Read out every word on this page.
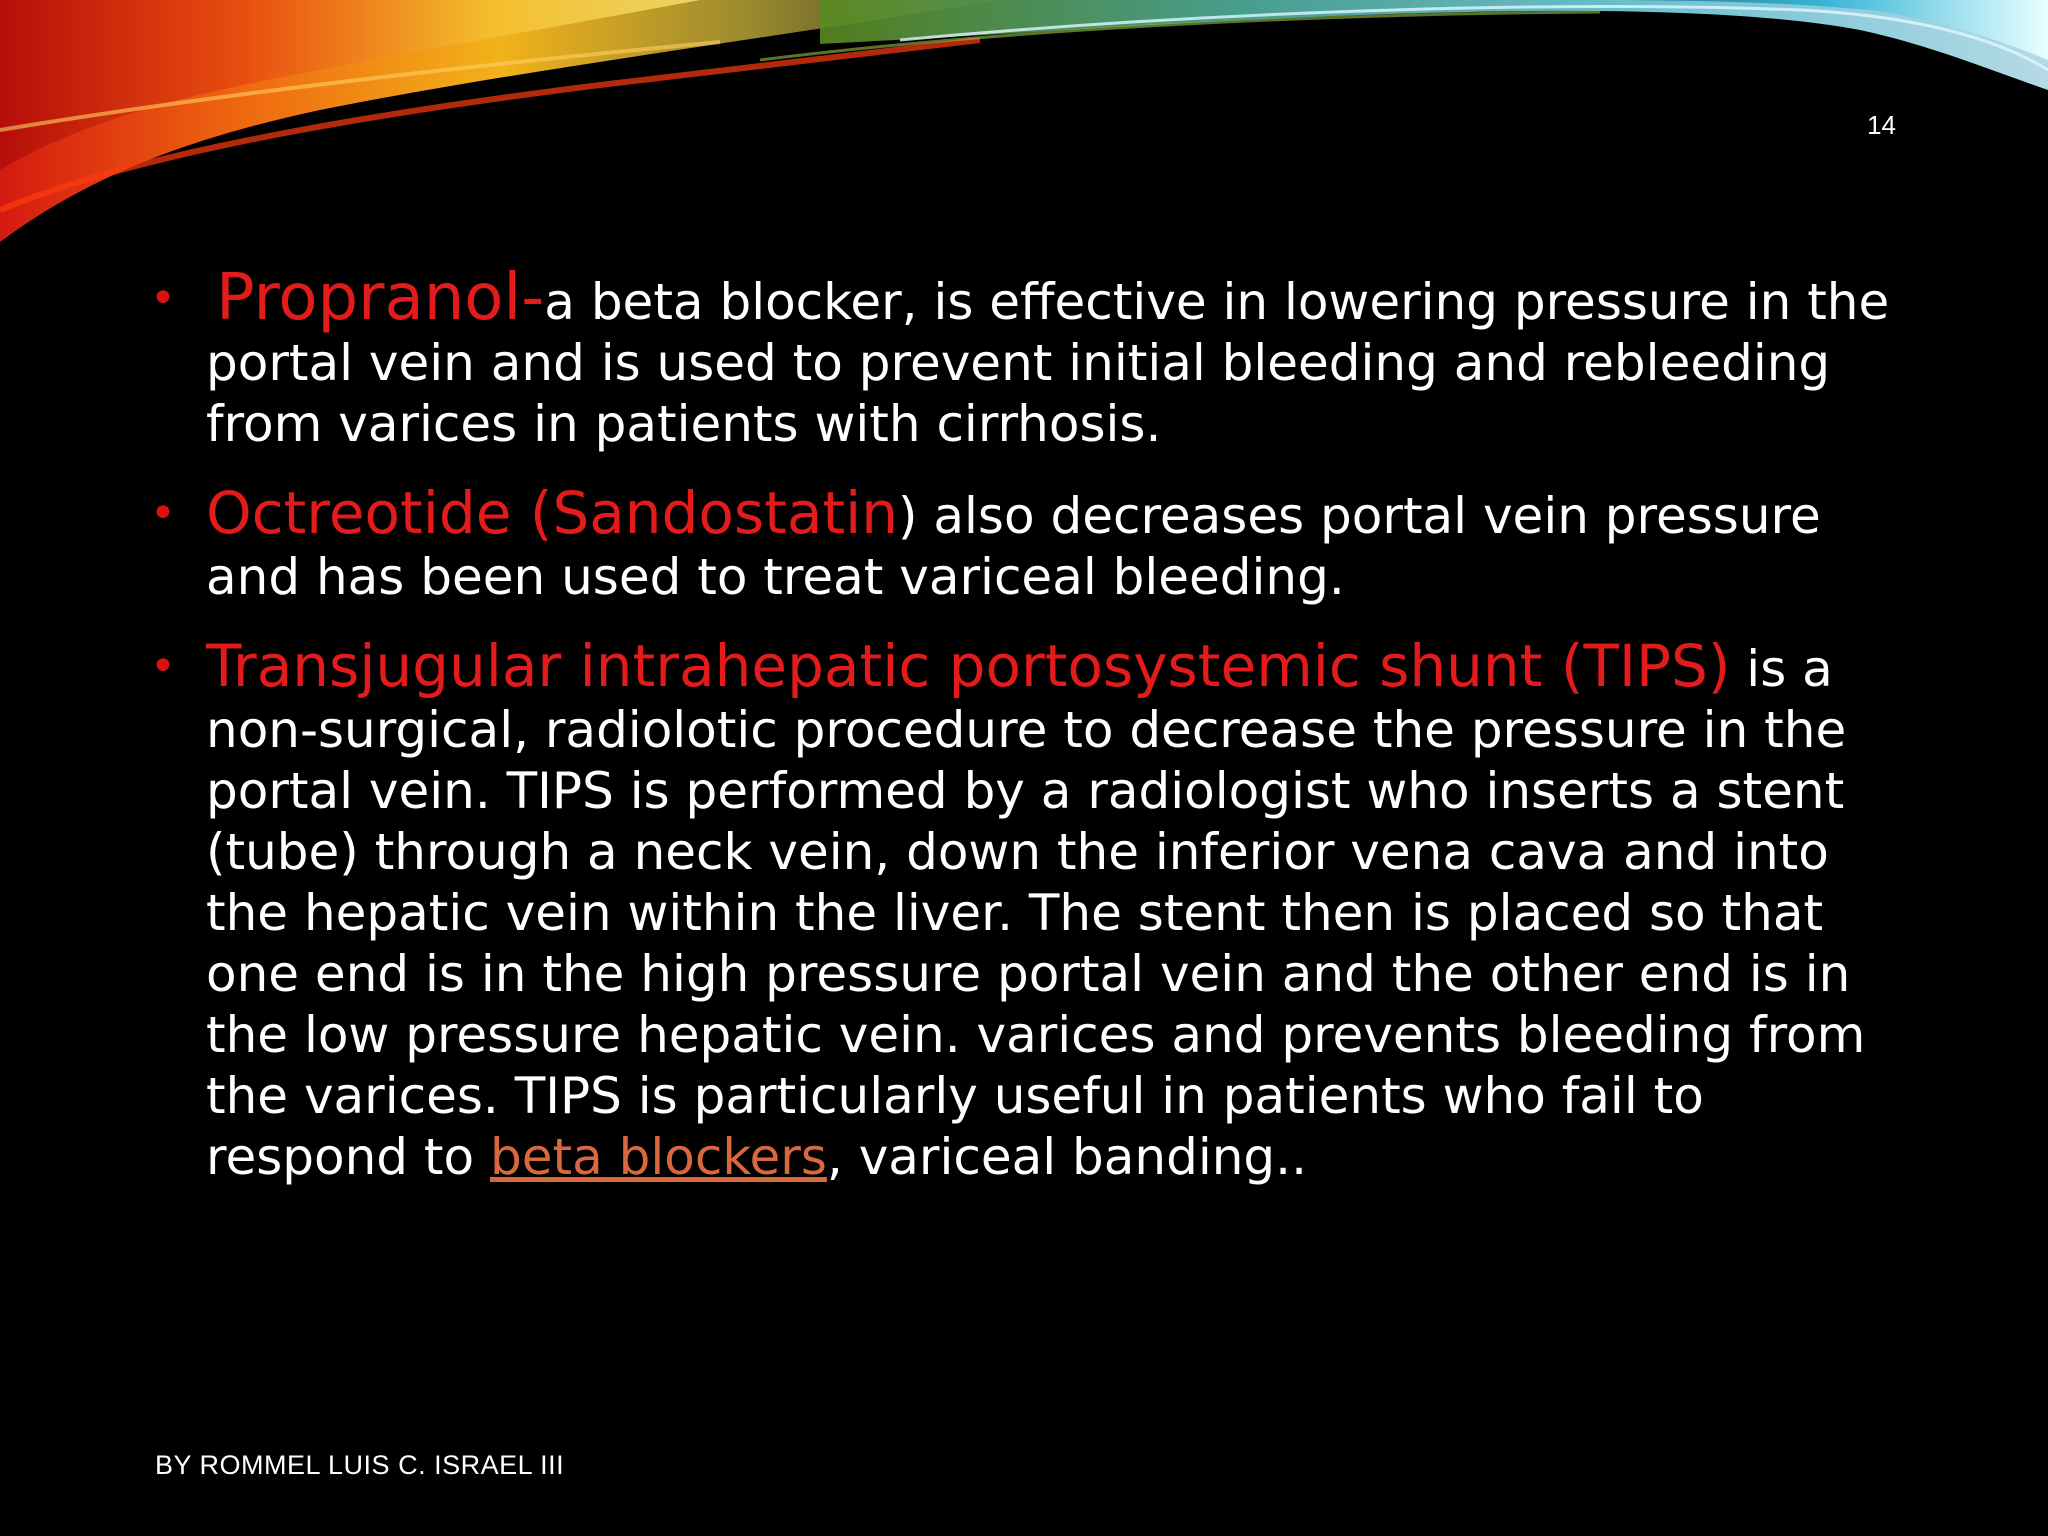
14
• Propranol-a beta blocker, is effective in lowering pressure in the portal vein and is used to prevent initial bleeding and rebleeding from varices in patients with cirrhosis.
• Octreotide (Sandostatin) also decreases portal vein pressure and has been used to treat variceal bleeding.
• Transjugular intrahepatic portosystemic shunt (TIPS) is a non-surgical, radiolotic procedure to decrease the pressure in the portal vein. TIPS is performed by a radiologist who inserts a stent (tube) through a neck vein, down the inferior vena cava and into the hepatic vein within the liver. The stent then is placed so that one end is in the high pressure portal vein and the other end is in the low pressure hepatic vein. varices and prevents bleeding from the varices. TIPS is particularly useful in patients who fail to respond to beta blockers, variceal banding..
BY ROMMEL LUIS C. ISRAEL III
